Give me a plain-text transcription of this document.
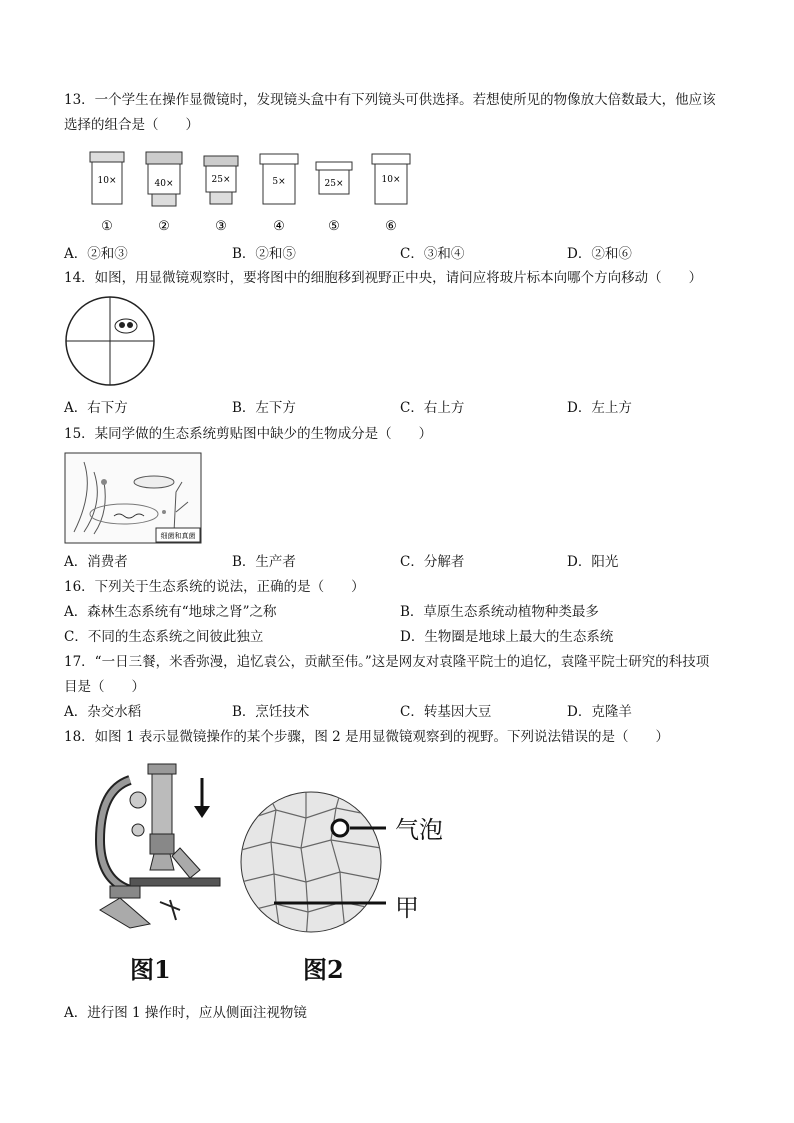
13．一个学生在操作显微镜时，发现镜头盒中有下列镜头可供选择。若想使所见的物像放大倍数最大，他应该
选择的组合是（　　）
10×	40×	25×	5×	25×	10×
①	②	③	④	⑤	⑥
A．②和③	B．②和⑤	C．③和④	D．②和⑥
14．如图，用显微镜观察时，要将图中的细胞移到视野正中央，请问应将玻片标本向哪个方向移动（　　）
A．右下方	B．左下方	C．右上方	D．左上方
15．某同学做的生态系统剪贴图中缺少的生物成分是（　　）
细菌和真菌
A．消费者	B．生产者	C．分解者	D．阳光
16．下列关于生态系统的说法，正确的是（　　）
A．森林生态系统有“地球之肾”之称	B．草原生态系统动植物种类最多
C．不同的生态系统之间彼此独立	D．生物圈是地球上最大的生态系统
17．“一日三餐，米香弥漫，追忆袁公，贡献至伟。”这是网友对袁隆平院士的追忆，袁隆平院士研究的科技项
目是（　　）
A．杂交水稻	B．烹饪技术	C．转基因大豆	D．克隆羊
18．如图 1 表示显微镜操作的某个步骤，图 2 是用显微镜观察到的视野。下列说法错误的是（　　）
图1
气泡
甲
图2
A．进行图 1 操作时，应从侧面注视物镜
